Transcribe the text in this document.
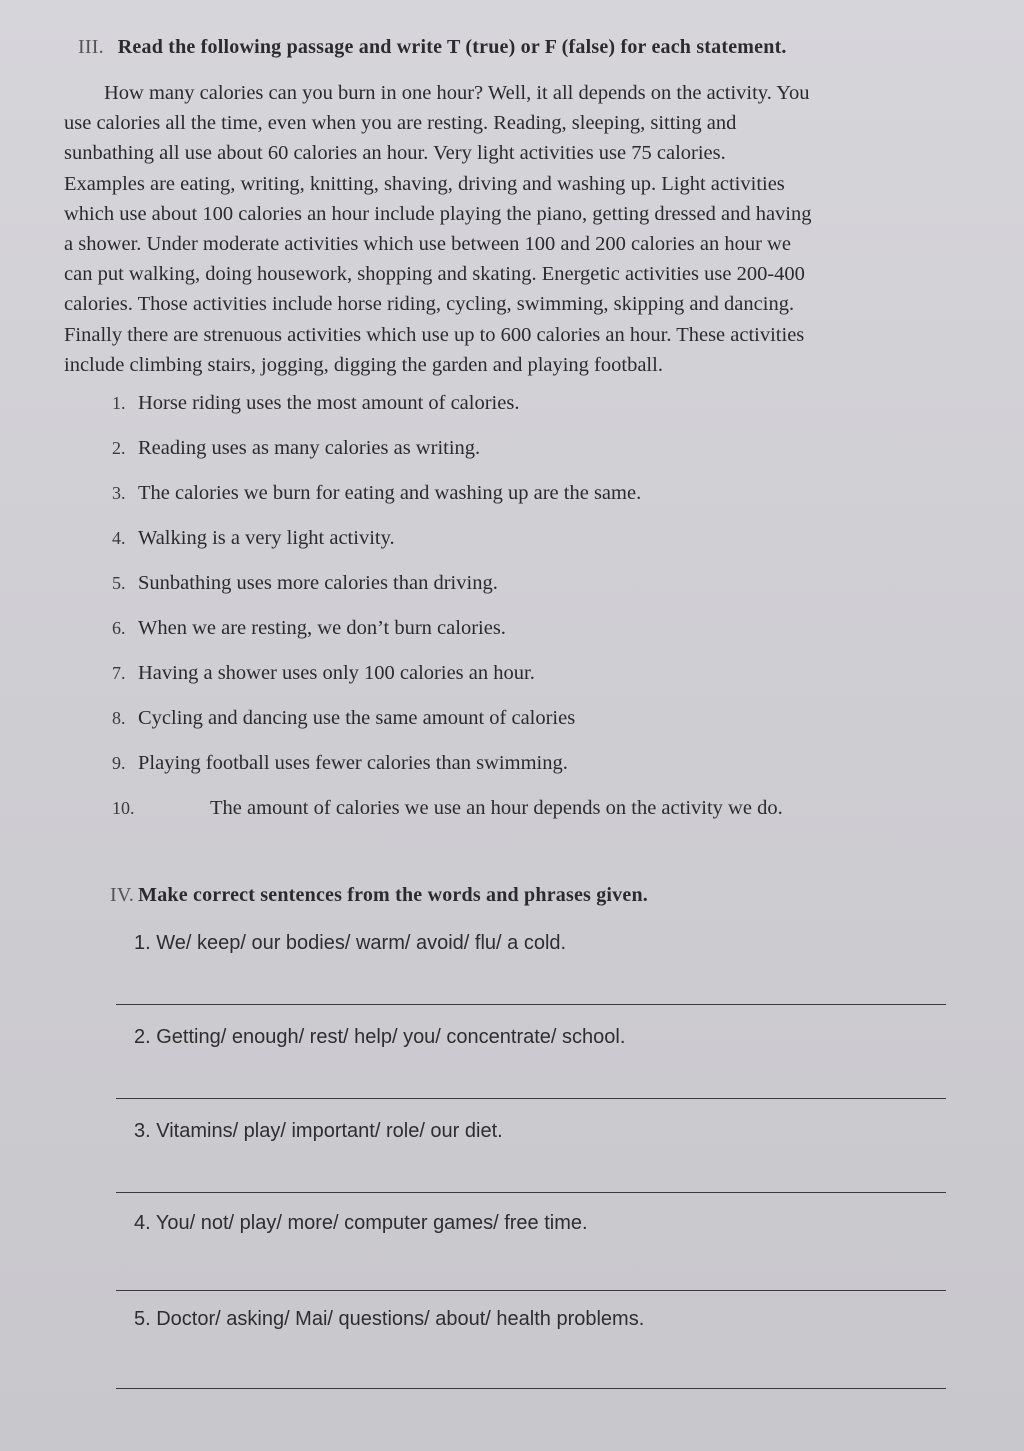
III. Read the following passage and write T (true) or F (false) for each statement.
How many calories can you burn in one hour? Well, it all depends on the activity. You
use calories all the time, even when you are resting. Reading, sleeping, sitting and
sunbathing all use about 60 calories an hour. Very light activities use 75 calories.
Examples are eating, writing, knitting, shaving, driving and washing up. Light activities
which use about 100 calories an hour include playing the piano, getting dressed and having
a shower. Under moderate activities which use between 100 and 200 calories an hour we
can put walking, doing housework, shopping and skating. Energetic activities use 200-400
calories. Those activities include horse riding, cycling, swimming, skipping and dancing.
Finally there are strenuous activities which use up to 600 calories an hour. These activities
include climbing stairs, jogging, digging the garden and playing football.
1. Horse riding uses the most amount of calories.
2. Reading uses as many calories as writing.
3. The calories we burn for eating and washing up are the same.
4. Walking is a very light activity.
5. Sunbathing uses more calories than driving.
6. When we are resting, we don’t burn calories.
7. Having a shower uses only 100 calories an hour.
8. Cycling and dancing use the same amount of calories
9. Playing football uses fewer calories than swimming.
10.	The amount of calories we use an hour depends on the activity we do.
IV. Make correct sentences from the words and phrases given.
1. We/ keep/ our bodies/ warm/ avoid/ flu/ a cold.
2. Getting/ enough/ rest/ help/ you/ concentrate/ school.
3. Vitamins/ play/ important/ role/ our diet.
4. You/ not/ play/ more/ computer games/ free time.
5. Doctor/ asking/ Mai/ questions/ about/ health problems.
